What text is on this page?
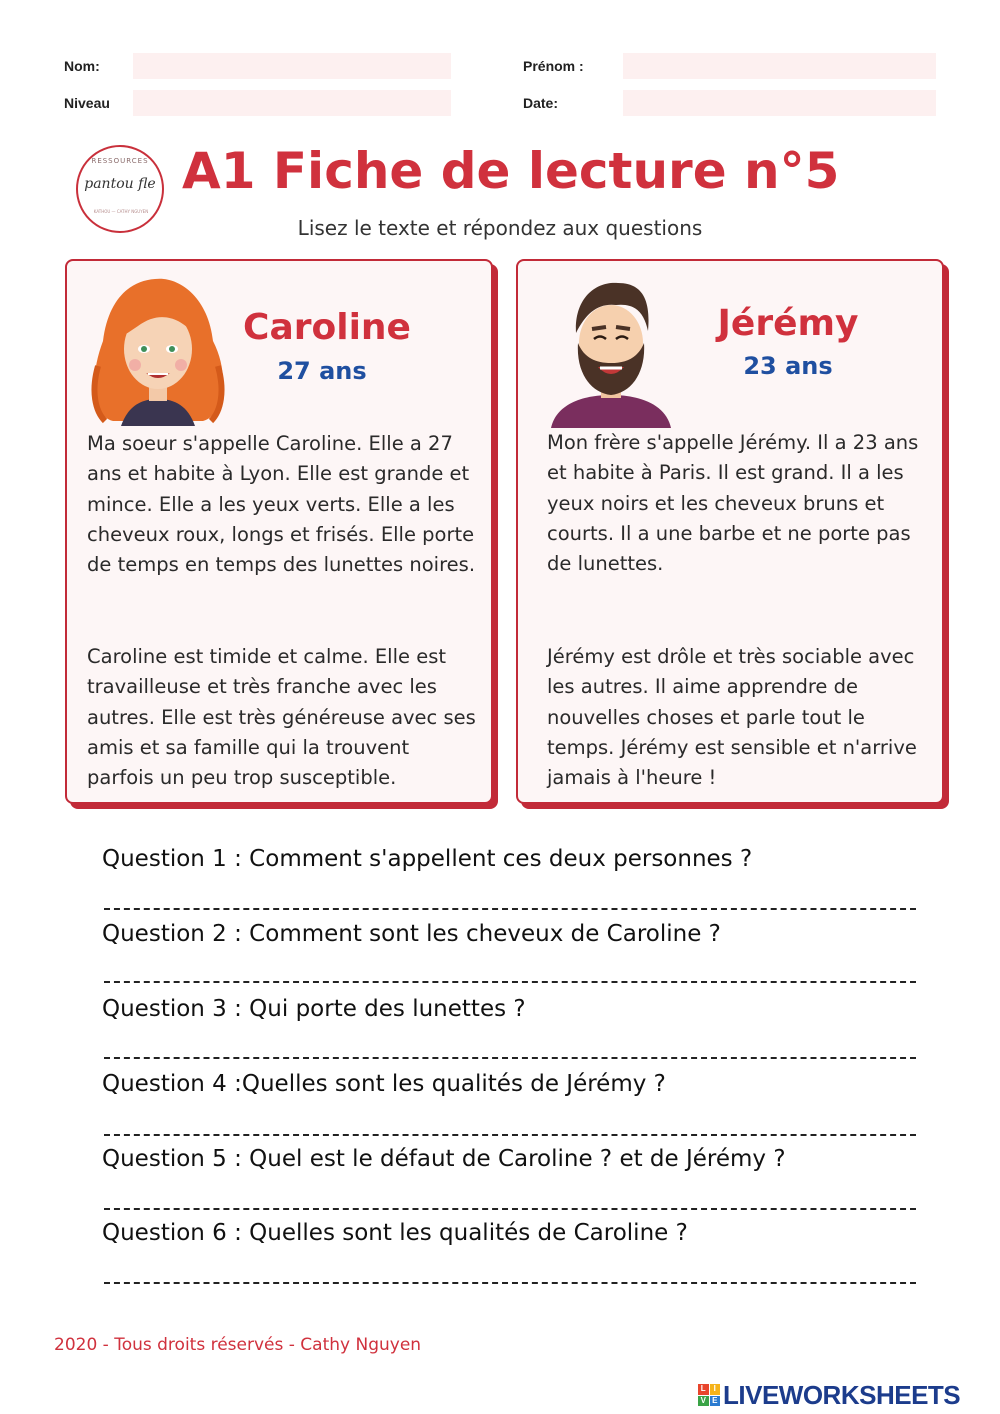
Nom:	Prénom :
Niveau	Date:
RESSOURCES
pantou fle
KATHOU — CATHY NGUYEN
A1 Fiche de lecture n°5
Lisez le texte et répondez aux questions
Caroline
27 ans
Ma soeur s'appelle Caroline. Elle a 27 ans et habite à Lyon. Elle est grande et mince. Elle a les yeux verts. Elle a les cheveux roux, longs et frisés. Elle porte de temps en temps des lunettes noires.
Caroline est timide et calme. Elle est travailleuse et très franche avec les autres. Elle est très généreuse avec ses amis et sa famille qui la trouvent parfois un peu trop susceptible.
Jérémy
23 ans
Mon frère s'appelle Jérémy. Il a 23 ans et habite à Paris. Il est grand. Il a les yeux noirs et les cheveux bruns et courts. Il a une barbe et ne porte pas de lunettes.
Jérémy est drôle et très sociable avec les autres. Il aime apprendre de nouvelles choses et parle tout le temps. Jérémy est sensible et n'arrive jamais à l'heure !
Question 1 : Comment s'appellent ces deux personnes ?
Question 2 : Comment sont les cheveux de Caroline ?
Question 3 : Qui porte des lunettes ?
Question 4 :Quelles sont les qualités de Jérémy ?
Question 5 : Quel est le défaut de Caroline ? et de Jérémy ?
Question 6 : Quelles sont les qualités de Caroline ?
2020 - Tous droits réservés - Cathy Nguyen
L I
V E LIVEWORKSHEETS
